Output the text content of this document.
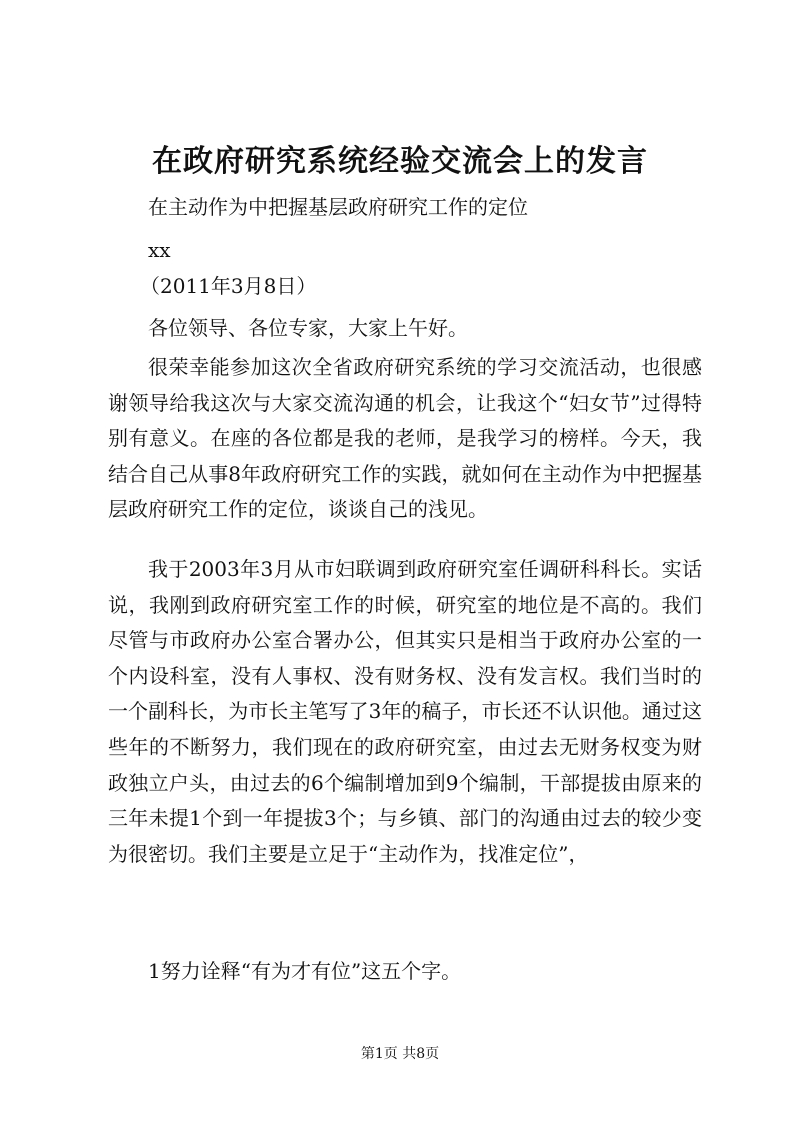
在政府研究系统经验交流会上的发言
在主动作为中把握基层政府研究工作的定位
xx
（2011年3月8日）
各位领导、各位专家，大家上午好。
很荣幸能参加这次全省政府研究系统的学习交流活动，也很感谢领导给我这次与大家交流沟通的机会，让我这个“妇女节”过得特别有意义。在座的各位都是我的老师，是我学习的榜样。今天，我结合自己从事8年政府研究工作的实践，就如何在主动作为中把握基层政府研究工作的定位，谈谈自己的浅见。
我于2003年3月从市妇联调到政府研究室任调研科科长。实话说，我刚到政府研究室工作的时候，研究室的地位是不高的。我们尽管与市政府办公室合署办公，但其实只是相当于政府办公室的一个内设科室，没有人事权、没有财务权、没有发言权。我们当时的一个副科长，为市长主笔写了3年的稿子，市长还不认识他。通过这些年的不断努力，我们现在的政府研究室，由过去无财务权变为财政独立户头，由过去的6个编制增加到9个编制，干部提拔由原来的三年未提1个到一年提拔3个；与乡镇、部门的沟通由过去的较少变为很密切。我们主要是立足于“主动作为，找准定位”，
1努力诠释“有为才有位”这五个字。
第1页 共8页
